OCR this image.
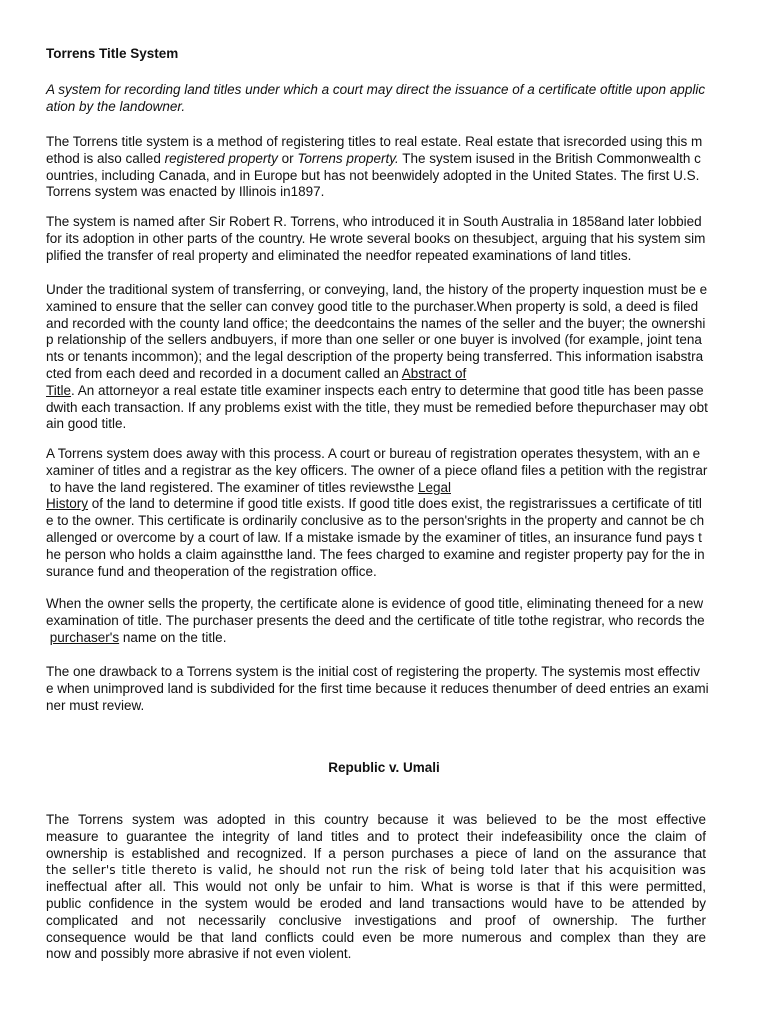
Torrens Title System

A system for recording land titles under which a court may direct the issuance of a certificate oftitle upon applic
ation by the landowner.

The Torrens title system is a method of registering titles to real estate. Real estate that isrecorded using this m
ethod is also called registered property or Torrens property. The system isused in the British Commonwealth c
ountries, including Canada, and in Europe but has not beenwidely adopted in the United States. The first U.S.
Torrens system was enacted by Illinois in1897.

The system is named after Sir Robert R. Torrens, who introduced it in South Australia in 1858and later lobbied
for its adoption in other parts of the country. He wrote several books on thesubject, arguing that his system sim
plified the transfer of real property and eliminated the needfor repeated examinations of land titles.

Under the traditional system of transferring, or conveying, land, the history of the property inquestion must be e
xamined to ensure that the seller can convey good title to the purchaser.When property is sold, a deed is filed
and recorded with the county land office; the deedcontains the names of the seller and the buyer; the ownershi
p relationship of the sellers andbuyers, if more than one seller or one buyer is involved (for example, joint tena
nts or tenants incommon); and the legal description of the property being transferred. This information isabstra
cted from each deed and recorded in a document called an Abstract of
Title. An attorneyor a real estate title examiner inspects each entry to determine that good title has been passe
dwith each transaction. If any problems exist with the title, they must be remedied before thepurchaser may obt
ain good title.

A Torrens system does away with this process. A court or bureau of registration operates thesystem, with an e
xaminer of titles and a registrar as the key officers. The owner of a piece ofland files a petition with the registrar
to have the land registered. The examiner of titles reviewsthe Legal
History of the land to determine if good title exists. If good title does exist, the registrarissues a certificate of titl
e to the owner. This certificate is ordinarily conclusive as to the person'srights in the property and cannot be ch
allenged or overcome by a court of law. If a mistake ismade by the examiner of titles, an insurance fund pays t
he person who holds a claim againstthe land. The fees charged to examine and register property pay for the in
surance fund and theoperation of the registration office.

When the owner sells the property, the certificate alone is evidence of good title, eliminating theneed for a new
examination of title. The purchaser presents the deed and the certificate of title tothe registrar, who records the
purchaser's name on the title.

The one drawback to a Torrens system is the initial cost of registering the property. The systemis most effectiv
e when unimproved land is subdivided for the first time because it reduces thenumber of deed entries an exami
ner must review.

Republic v. Umali

The Torrens system was adopted in this country because it was believed to be the most effective
measure to guarantee the integrity of land titles and to protect their indefeasibility once the claim of
ownership is established and recognized. If a person purchases a piece of land on the assurance that
the seller's title thereto is valid, he should not run the risk of being told later that his acquisition was
ineffectual after all. This would not only be unfair to him. What is worse is that if this were permitted,
public confidence in the system would be eroded and land transactions would have to be attended by
complicated and not necessarily conclusive investigations and proof of ownership. The further
consequence would be that land conflicts could even be more numerous and complex than they are
now and possibly more abrasive if not even violent.
